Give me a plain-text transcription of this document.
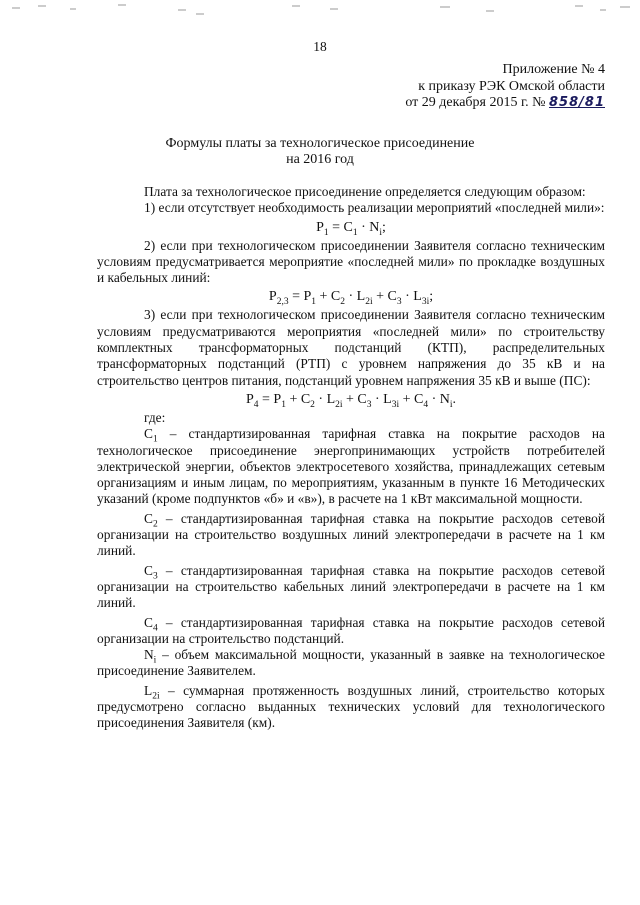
18
Приложение № 4
к приказу РЭК Омской области
от 29 декабря 2015 г. № 858/81
Формулы платы за технологическое присоединение
на 2016 год

Плата за технологическое присоединение определяется следующим образом:

1) если отсутствует необходимость реализации мероприятий «последней мили»:

$P_1 = C_1 \cdot N_i$;

2) если при технологическом присоединении Заявителя согласно техническим условиям предусматривается мероприятие «последней мили» по прокладке воздушных и кабельных линий:

$P_{2,3} = P_1 + C_2 \cdot L_{2i} + C_3 \cdot L_{3i}$;

3) если при технологическом присоединении Заявителя согласно техническим условиям предусматриваются мероприятия «последней мили» по строительству комплектных трансформаторных подстанций (КТП), распределительных трансформаторных подстанций (РТП) с уровнем напряжения до 35 кВ и на строительство центров питания, подстанций уровнем напряжения 35 кВ и выше (ПС):

$P_4 = P_1 + C_2 \cdot L_{2i} + C_3 \cdot L_{3i} + C_4 \cdot N_i$.

где:

$C_1$ – стандартизированная тарифная ставка на покрытие расходов на технологическое присоединение энергопринимающих устройств потребителей электрической энергии, объектов электросетевого хозяйства, принадлежащих сетевым организациям и иным лицам, по мероприятиям, указанным в пункте 16 Методических указаний (кроме подпунктов «б» и «в»), в расчете на 1 кВт максимальной мощности.

$C_2$ – стандартизированная тарифная ставка на покрытие расходов сетевой организации на строительство воздушных линий электропередачи в расчете на 1 км линий.

$C_3$ – стандартизированная тарифная ставка на покрытие расходов сетевой организации на строительство кабельных линий электропередачи в расчете на 1 км линий.

$C_4$ – стандартизированная тарифная ставка на покрытие расходов сетевой организации на строительство подстанций.

$N_i$ – объем максимальной мощности, указанный в заявке на технологическое присоединение Заявителем.

$L_{2i}$ – суммарная протяженность воздушных линий, строительство которых предусмотрено согласно выданных технических условий для технологического присоединения Заявителя (км).
